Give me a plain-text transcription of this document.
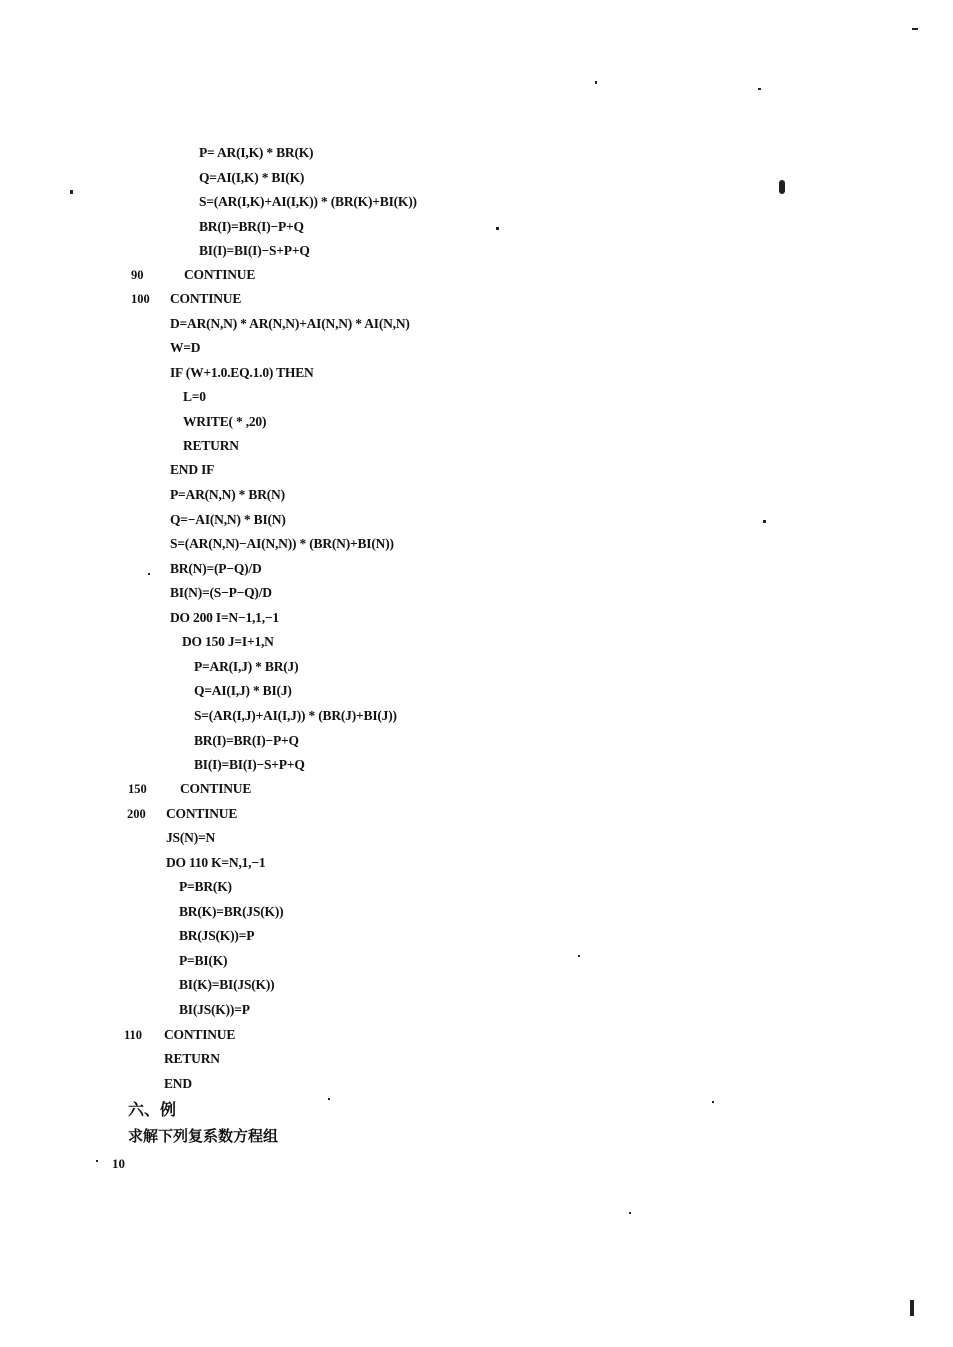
P= AR(I,K) * BR(K)
Q=AI(I,K) * BI(K)
S=(AR(I,K)+AI(I,K)) * (BR(K)+BI(K))
BR(I)=BR(I)−P+Q
BI(I)=BI(I)−S+P+Q
90	CONTINUE
100 CONTINUE
D=AR(N,N) * AR(N,N)+AI(N,N) * AI(N,N)
W=D
IF (W+1.0.EQ.1.0) THEN
L=0
WRITE( * ,20)
RETURN
END IF
P=AR(N,N) * BR(N)
Q=−AI(N,N) * BI(N)
S=(AR(N,N)−AI(N,N)) * (BR(N)+BI(N))
BR(N)=(P−Q)/D
BI(N)=(S−P−Q)/D
DO 200 I=N−1,1,−1
DO 150 J=I+1,N
P=AR(I,J) * BR(J)
Q=AI(I,J) * BI(J)
S=(AR(I,J)+AI(I,J)) * (BR(J)+BI(J))
BR(I)=BR(I)−P+Q
BI(I)=BI(I)−S+P+Q
150 CONTINUE
200 CONTINUE
JS(N)=N
DO 110 K=N,1,−1
P=BR(K)
BR(K)=BR(JS(K))
BR(JS(K))=P
P=BI(K)
BI(K)=BI(JS(K))
BI(JS(K))=P
110 CONTINUE
RETURN
END
六、例
求解下列复系数方程组
10
